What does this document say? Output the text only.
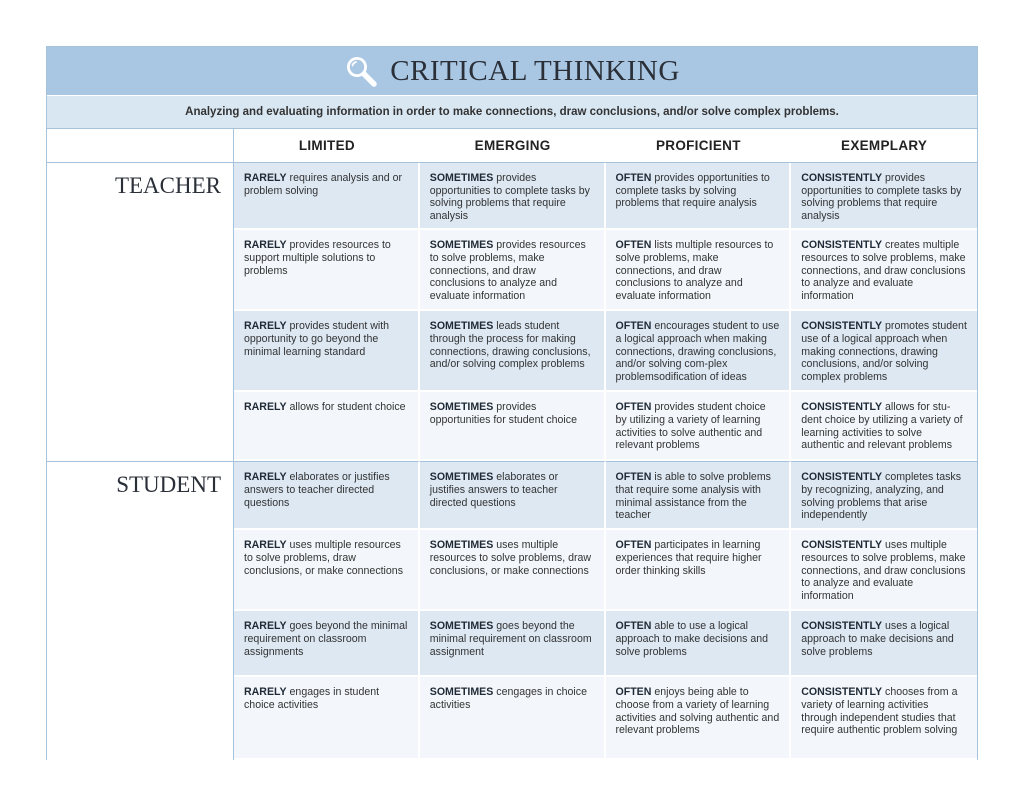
CRITICAL THINKING
Analyzing and evaluating information in order to make connections, draw conclusions, and/or solve complex problems.
	LIMITED	EMERGING	PROFICIENT	EXEMPLARY
TEACHER	RARELY requires analysis and or problem solving	SOMETIMES provides opportunities to complete tasks by solving problems that require analysis	OFTEN provides opportunities to complete tasks by solving problems that require analysis	CONSISTENTLY provides opportunities to complete tasks by solving problems that require analysis
	RARELY provides resources to support multiple solutions to problems	SOMETIMES provides resources to solve problems, make connections, and draw conclusions to analyze and evaluate information	OFTEN lists multiple resources to solve problems, make connections, and draw conclusions to analyze and evaluate information	CONSISTENTLY creates multiple resources to solve problems, make connections, and draw conclusions to analyze and evaluate information
	RARELY provides student with opportunity to go beyond the minimal learning standard	SOMETIMES leads student through the process for making connections, drawing conclusions, and/or solving complex problems	OFTEN encourages student to use a logical approach when making connections, drawing conclusions, and/or solving com-plex problemsodification of ideas	CONSISTENTLY promotes student use of a logical approach when making connections, drawing conclusions, and/or solving complex problems
	RARELY allows for student choice	SOMETIMES provides opportunities for student choice	OFTEN provides student choice by utilizing a variety of learning activities to solve authentic and relevant problems	CONSISTENTLY allows for stu-dent choice by utilizing a variety of learning activities to solve authentic and relevant problems
STUDENT	RARELY elaborates or justifies answers to teacher directed questions	SOMETIMES elaborates or justifies answers to teacher directed questions	OFTEN is able to solve problems that require some analysis with minimal assistance from the teacher	CONSISTENTLY completes tasks by recognizing, analyzing, and solving problems that arise independently
	RARELY uses multiple resources to solve problems, draw conclusions, or make connections	SOMETIMES uses multiple resources to solve problems, draw conclusions, or make connections	OFTEN participates in learning experiences that require higher order thinking skills	CONSISTENTLY uses multiple resources to solve problems, make connections, and draw conclusions to analyze and evaluate information
	RARELY goes beyond the minimal requirement on classroom assignments	SOMETIMES goes beyond the minimal requirement on classroom assignment	OFTEN able to use a logical approach to make decisions and solve problems	CONSISTENTLY uses a logical approach to make decisions and solve problems
	RARELY engages in student choice activities	SOMETIMES cengages in choice activities	OFTEN enjoys being able to choose from a variety of learning activities and solving authentic and relevant problems	CONSISTENTLY chooses from a variety of learning activities through independent studies that require authentic problem solving
